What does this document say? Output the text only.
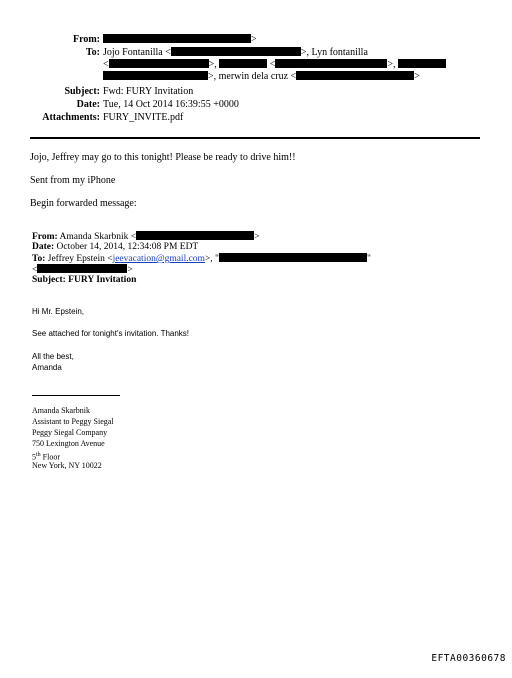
From:	>
To: Jojo Fontanilla <	>, Lyn fontanilla
<	>,	<	>,
>, merwin dela cruz <	>
Subject: Fwd: FURY Invitation
Date: Tue, 14 Oct 2014 16:39:55 +0000
Attachments: FURY_INVITE.pdf
Jojo, Jeffrey may go to this tonight! Please be ready to drive him!!
Sent from my iPhone
Begin forwarded message:
From: Amanda Skarbnik <	>
Date: October 14, 2014, 12:34:08 PM EDT
To: Jeffrey Epstein <jeevacation@gmail.com>, "	"
<	>
Subject: FURY Invitation
Hi Mr. Epstein,
See attached for tonight's invitation. Thanks!
All the best,
Amanda
Amanda Skarbnik
Assistant to Peggy Siegal
Peggy Siegal Company
750 Lexington Avenue
5th Floor
New York, NY 10022
EFTA00360678
